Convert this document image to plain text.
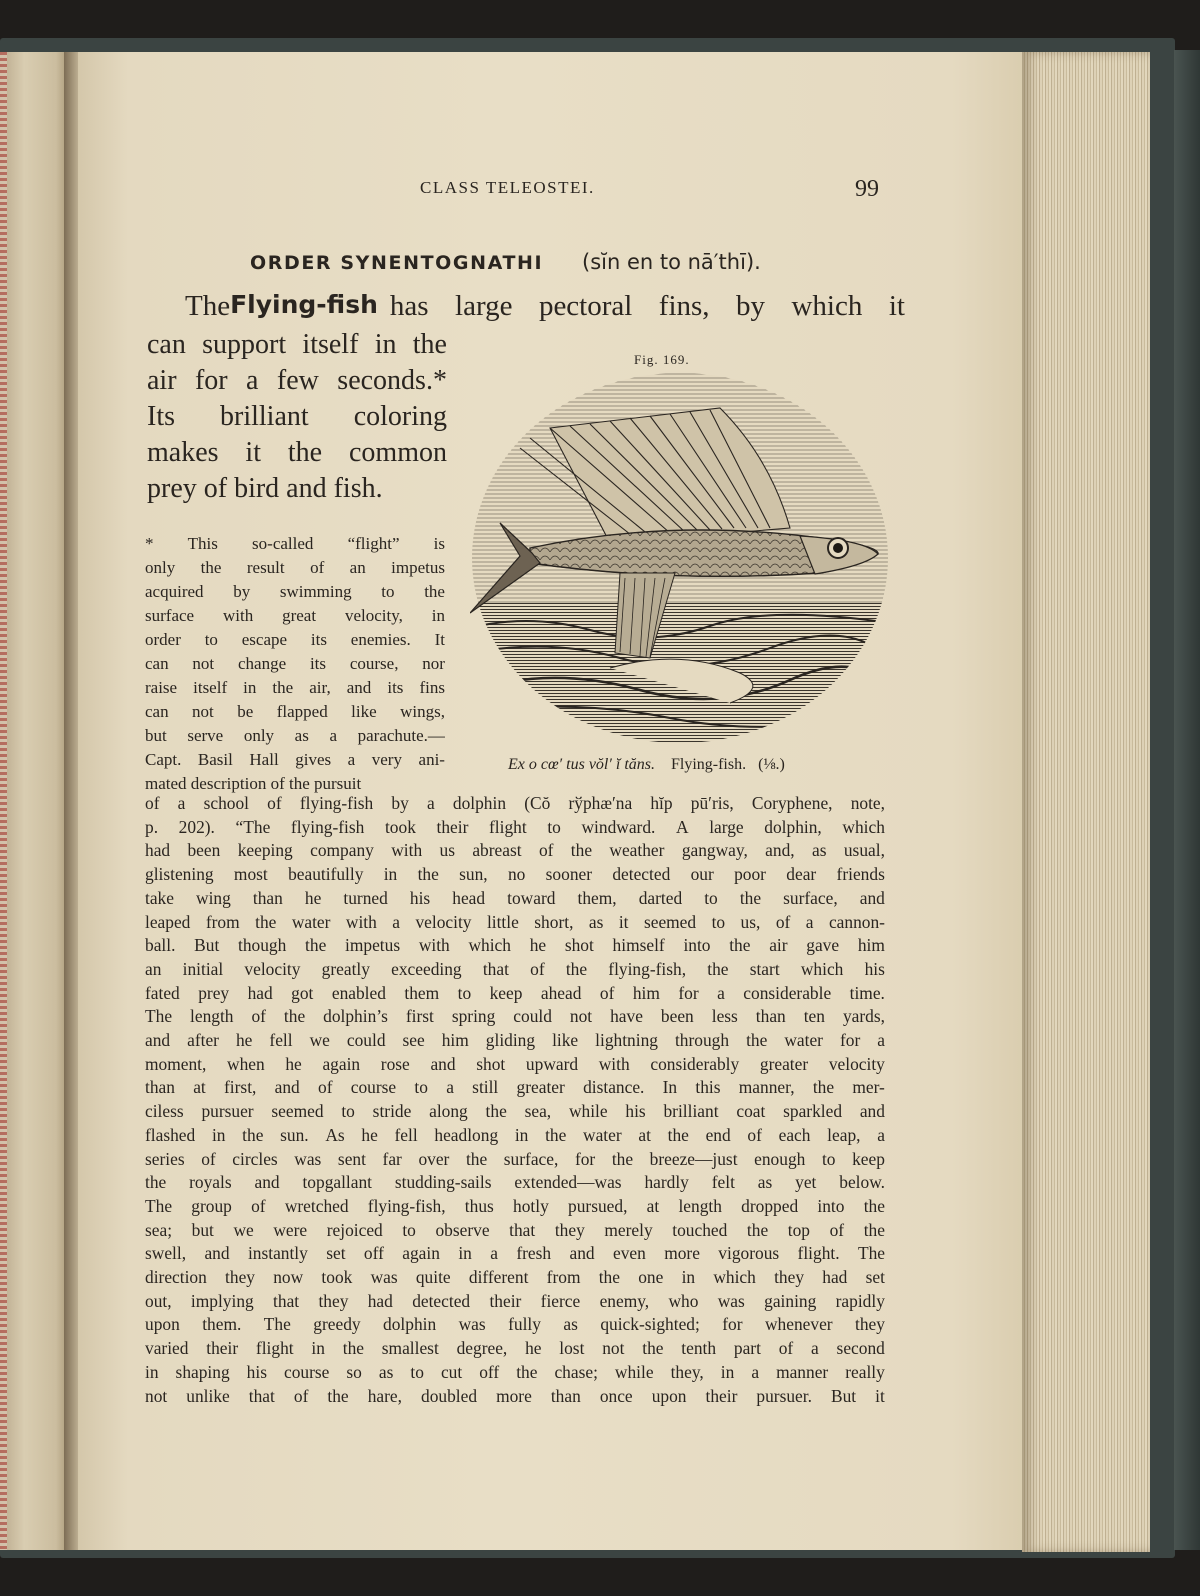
CLASS TELEOSTEI.	99
ORDER SYNENTOGNATHI (sĭn en to nā′thī).
The Flying-fish has large pectoral fins, by which it
can support itself in the
air for a few seconds.*
Its brilliant coloring
makes it the common
prey of bird and fish.
Fig. 169.
Ex o cœ′ tus vŏl′ ĭ tăns. Flying-fish. (⅛.)
* This so-called “flight” is
only the result of an impetus
acquired by swimming to the
surface with great velocity, in
order to escape its enemies. It
can not change its course, nor
raise itself in the air, and its fins
can not be flapped like wings,
but serve only as a parachute.—
Capt. Basil Hall gives a very ani-
mated description of the pursuit
of a school of flying-fish by a dolphin (Cŏ rўphæ′na hĭp pū′ris, Coryphene, note,
p. 202). “The flying-fish took their flight to windward. A large dolphin, which
had been keeping company with us abreast of the weather gangway, and, as usual,
glistening most beautifully in the sun, no sooner detected our poor dear friends
take wing than he turned his head toward them, darted to the surface, and
leaped from the water with a velocity little short, as it seemed to us, of a cannon-
ball. But though the impetus with which he shot himself into the air gave him
an initial velocity greatly exceeding that of the flying-fish, the start which his
fated prey had got enabled them to keep ahead of him for a considerable time.
The length of the dolphin’s first spring could not have been less than ten yards,
and after he fell we could see him gliding like lightning through the water for a
moment, when he again rose and shot upward with considerably greater velocity
than at first, and of course to a still greater distance. In this manner, the mer-
ciless pursuer seemed to stride along the sea, while his brilliant coat sparkled and
flashed in the sun. As he fell headlong in the water at the end of each leap, a
series of circles was sent far over the surface, for the breeze—just enough to keep
the royals and topgallant studding-sails extended—was hardly felt as yet below.
The group of wretched flying-fish, thus hotly pursued, at length dropped into the
sea; but we were rejoiced to observe that they merely touched the top of the
swell, and instantly set off again in a fresh and even more vigorous flight. The
direction they now took was quite different from the one in which they had set
out, implying that they had detected their fierce enemy, who was gaining rapidly
upon them. The greedy dolphin was fully as quick-sighted; for whenever they
varied their flight in the smallest degree, he lost not the tenth part of a second
in shaping his course so as to cut off the chase; while they, in a manner really
not unlike that of the hare, doubled more than once upon their pursuer. But it
